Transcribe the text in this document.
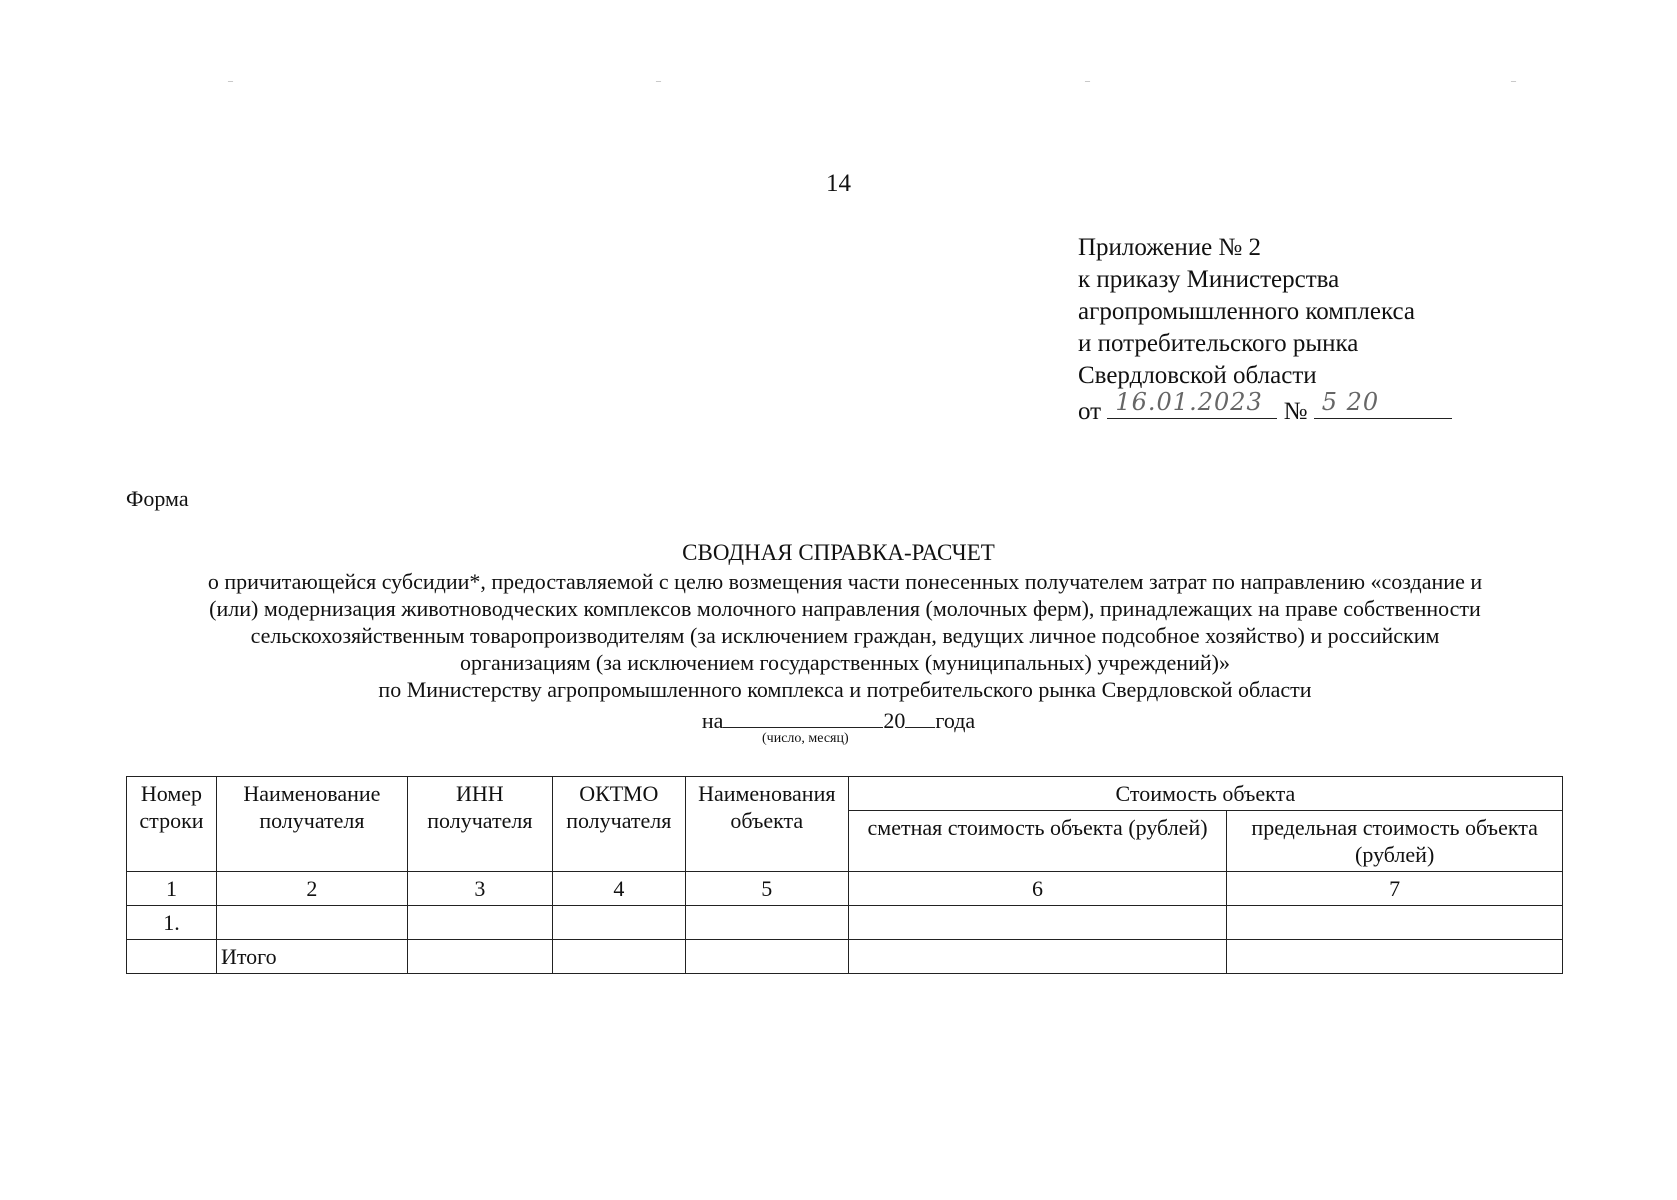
–	–	–	–
14
Приложение № 2
к приказу Министерства
агропромышленного комплекса
и потребительского рынка
Свердловской области
от 16.01.2023 № 5 20
Форма
СВОДНАЯ СПРАВКА-РАСЧЕТ
о причитающейся субсидии*, предоставляемой с целю возмещения части понесенных получателем затрат по направлению «создание и
(или) модернизация животноводческих комплексов молочного направления (молочных ферм), принадлежащих на праве собственности
сельскохозяйственным товаропроизводителям (за исключением граждан, ведущих личное подсобное хозяйство) и российским
организациям (за исключением государственных (муниципальных) учреждений)»
по Министерству агропромышленного комплекса и потребительского рынка Свердловской области
на	20 года
(число, месяц)
Номер строки	Наименование получателя	ИНН получателя	ОКТМО получателя	Наименования объекта	Стоимость объекта	
					сметная стоимость объекта (рублей)	предельная стоимость объекта (рублей)
1	2	3	4	5	6	7
1.						
	Итого					
